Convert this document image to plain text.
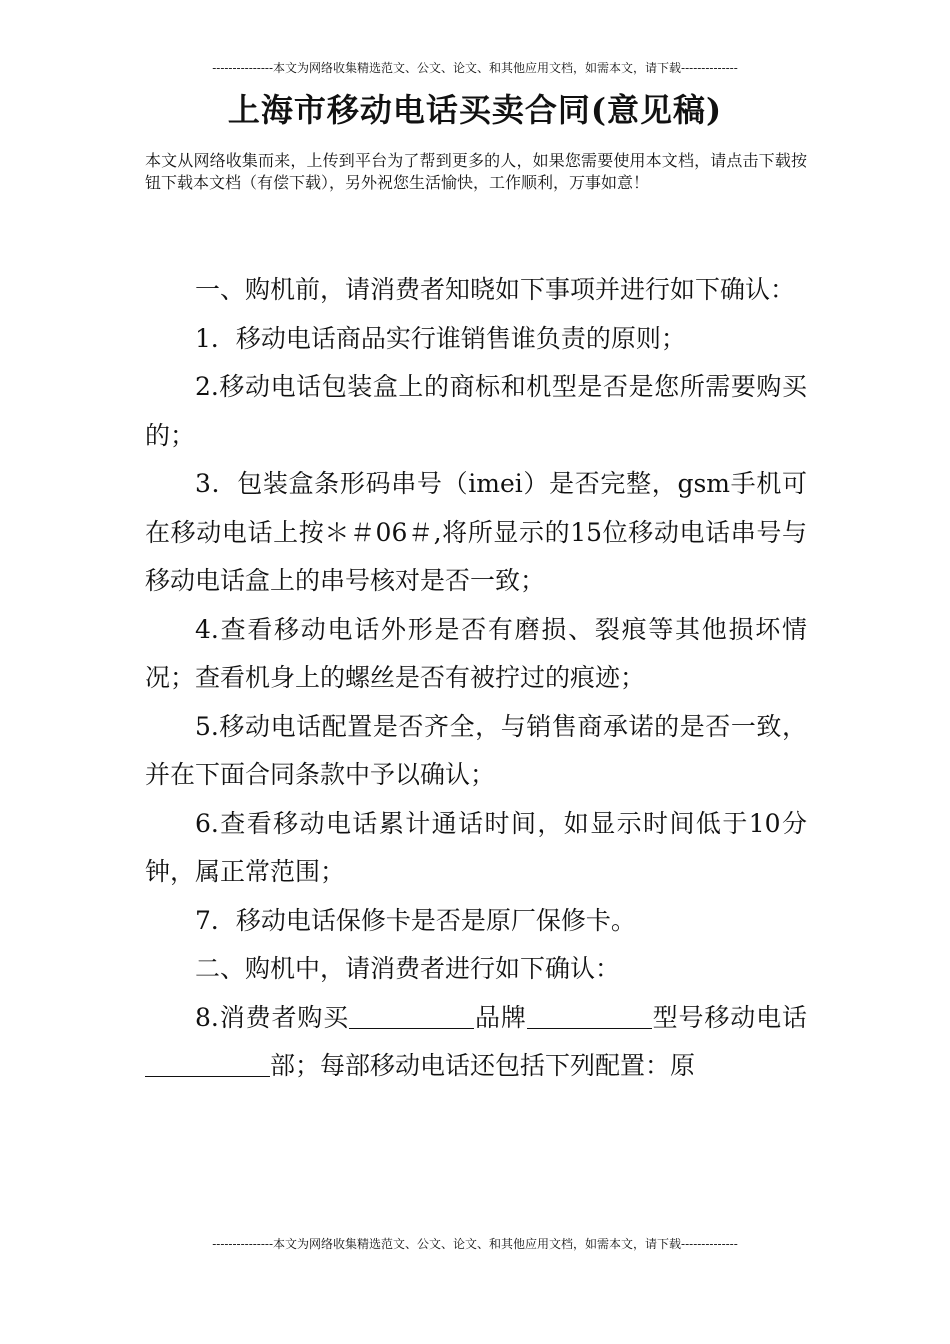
---------------本文为网络收集精选范文、公文、论文、和其他应用文档，如需本文，请下载--------------
上海市移动电话买卖合同(意见稿)
本文从网络收集而来，上传到平台为了帮到更多的人，如果您需要使用本文档，请点击下载按钮下载本文档（有偿下载），另外祝您生活愉快，工作顺利，万事如意！

一、购机前，请消费者知晓如下事项并进行如下确认：

1．移动电话商品实行谁销售谁负责的原则；

2.移动电话包装盒上的商标和机型是否是您所需要购买的；

3．包装盒条形码串号（imei）是否完整，gsm手机可在移动电话上按＊＃06＃,将所显示的15位移动电话串号与移动电话盒上的串号核对是否一致；

4.查看移动电话外形是否有磨损、裂痕等其他损坏情况；查看机身上的螺丝是否有被拧过的痕迹；

5.移动电话配置是否齐全，与销售商承诺的是否一致，并在下面合同条款中予以确认；

6.查看移动电话累计通话时间，如显示时间低于10分钟，属正常范围；

7．移动电话保修卡是否是原厂保修卡。

二、购机中，请消费者进行如下确认：

8.消费者购买	品牌	型号移动电话部；每部移动电话还包括下列配置：原

---------------本文为网络收集精选范文、公文、论文、和其他应用文档，如需本文，请下载--------------
